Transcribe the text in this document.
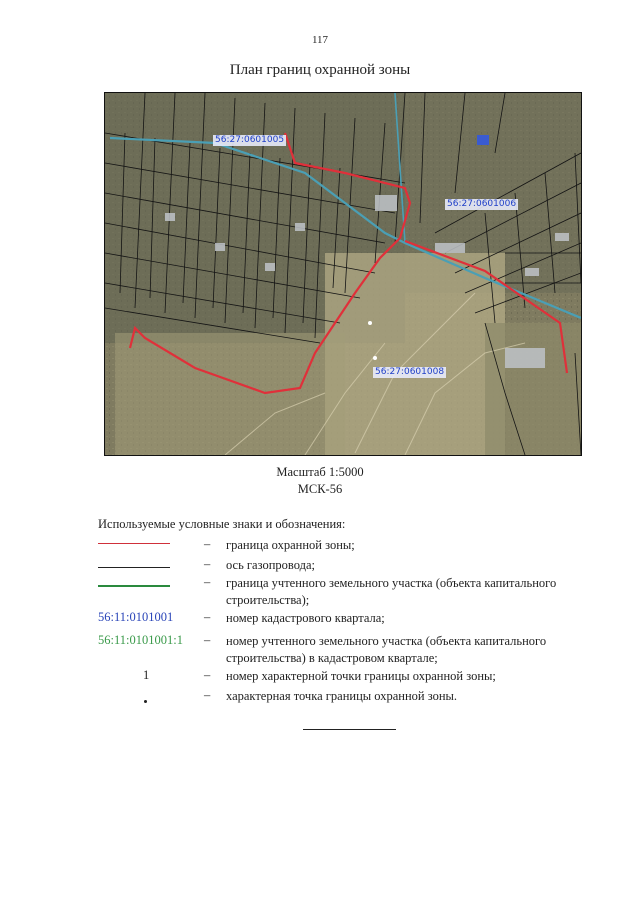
117
План границ охранной зоны
56:27:0601005
56:27:0601006
56:27:0601008
Масштаб 1:5000
МСК-56
Используемые условные знаки и обозначения:
– граница охранной зоны;
– ось газопровода;
– граница учтенного земельного участка (объекта капитального строительства);
56:11:0101001 – номер кадастрового квартала;
56:11:0101001:1 – номер учтенного земельного участка (объекта капитального строительства) в кадастровом квартале;
1	– номер характерной точки границы охранной зоны;
– характерная точка границы охранной зоны.
